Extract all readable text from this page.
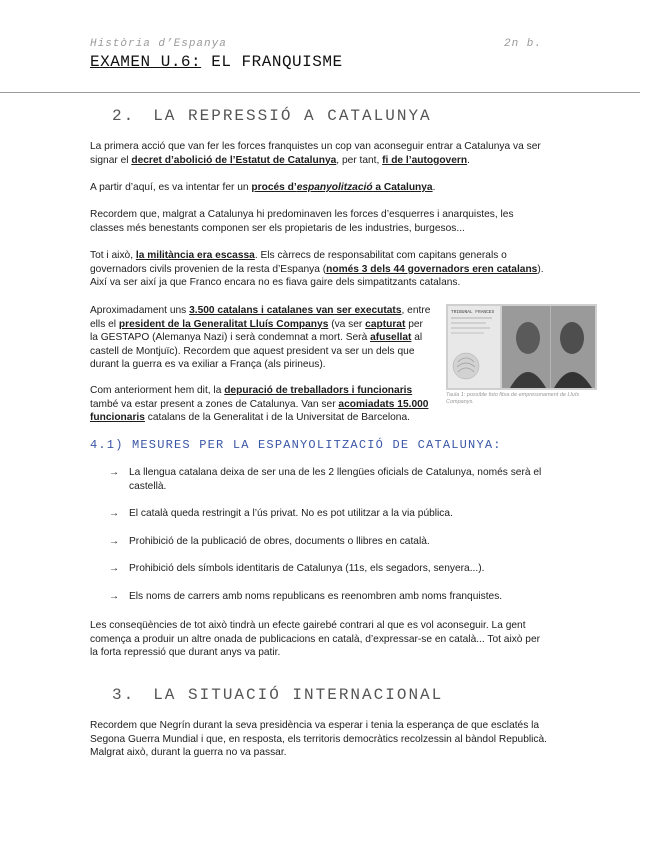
Història d’Espanya	2n b.
EXAMEN U.6: EL FRANQUISME
2. LA REPRESSIÓ A CATALUNYA
La primera acció que van fer les forces franquistes un cop van aconseguir entrar a Catalunya va ser signar el decret d’abolició de l’Estatut de Catalunya, per tant, fi de l’autogovern.
A partir d’aquí, es va intentar fer un procés d’espanyolització a Catalunya.
Recordem que, malgrat a Catalunya hi predominaven les forces d’esquerres i anarquistes, les classes més benestants componen ser els propietaris de les industries, burgesos...
Tot i això, la militància era escassa. Els càrrecs de responsabilitat com capitans generals o governadors civils provenien de la resta d’Espanya (només 3 dels 44 governadors eren catalans). Així va ser així ja que Franco encara no es fiava gaire dels simpatitzants catalans.
Aproximadament uns 3.500 catalans i catalanes van ser executats, entre ells el president de la Generalitat Lluís Companys (va ser capturat per la GESTAPO (Alemanya Nazi) i serà condemnat a mort. Serà afusellat al castell de Montjuïc). Recordem que aquest president va ser un dels que durant la guerra es va exiliar a França (als pirineus).
TRIBUNAL FRANCES
Taula 1: possible foto fitxa de empresonament de Lluís Companys.
Com anteriorment hem dit, la depuració de treballadors i funcionaris també va estar present a zones de Catalunya. Van ser acomiadats 15.000 funcionaris catalans de la Generalitat i de la Universitat de Barcelona.
4.1) MESURES PER LA ESPANYOLITZACIÓ DE CATALUNYA:
→ La llengua catalana deixa de ser una de les 2 llengües oficials de Catalunya, només serà el castellà.
→ El català queda restringit a l’ús privat. No es pot utilitzar a la via pública.
→ Prohibició de la publicació de obres, documents o llibres en català.
→ Prohibició dels símbols identitaris de Catalunya (11s, els segadors, senyera...).
→ Els noms de carrers amb noms republicans es reenombren amb noms franquistes.
Les conseqüències de tot això tindrà un efecte gairebé contrari al que es vol aconseguir. La gent comença a produir un altre onada de publicacions en català, d’expressar-se en català... Tot això per la forta repressió que durant anys va patir.
3. LA SITUACIÓ INTERNACIONAL
Recordem que Negrín durant la seva presidència va esperar i tenia la esperança de que esclatés la Segona Guerra Mundial i que, en resposta, els territoris democràtics recolzessin al bàndol Republicà. Malgrat això, durant la guerra no va passar.
